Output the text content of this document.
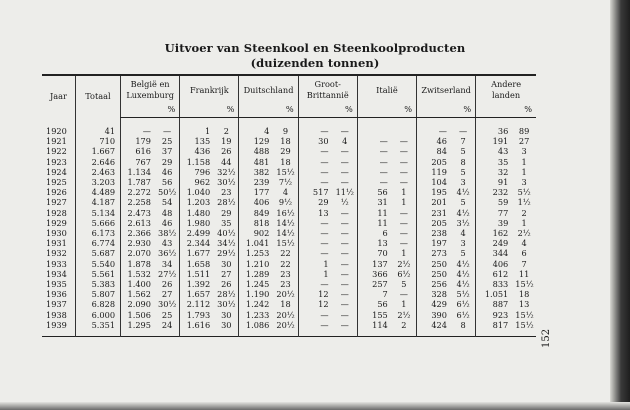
Uitvoer van Steenkool en Steenkoolproducten
(duizenden tonnen)
Jaar	Totaal	België en Luxemburg		Frankrijk		Duitschland		Groot-Brittannië		Italië		Zwitserland		Andere landen	
			%		%		%		%		%		%		%
1920	41	—	—	1	2	4	9	—	—			—	—	36	89
1921	710	179	25	135	19	129	18	30	4	—	—	46	7	191	27
1922	1.667	616	37	436	26	488	29	—	—	—	—	84	5	43	3
1923	2.646	767	29	1.158	44	481	18	—	—	—	—	205	8	35	1
1924	2.463	1.134	46	796	32½	382	15½	—	—	—	—	119	5	32	1
1925	3.203	1.787	56	962	30½	239	7½	—	—	—	—	104	3	91	3
1926	4.489	2.272	50½	1.040	23	177	4	517	11½	56	1	195	4½	232	5½
1927	4.187	2.258	54	1.203	28½	406	9½	29	½	31	1	201	5	59	1½
1928	5.134	2.473	48	1.480	29	849	16½	13	—	11	—	231	4½	77	2
1929	5.666	2.613	46	1.980	35	818	14½	—	—	11	—	205	3½	39	1
1930	6.173	2.366	38½	2.499	40½	902	14½	—	—	6	—	238	4	162	2½
1931	6.774	2.930	43	2.344	34½	1.041	15½	—	—	13	—	197	3	249	4
1932	5.687	2.070	36½	1.677	29½	1.253	22	—	—	70	1	273	5	344	6
1933	5.540	1.878	34	1.658	30	1.210	22	1	—	137	2½	250	4½	406	7
1934	5.561	1.532	27½	1.511	27	1.289	23	1	—	366	6½	250	4½	612	11
1935	5.383	1.400	26	1.392	26	1.245	23	—	—	257	5	256	4½	833	15½
1936	5.807	1.562	27	1.657	28½	1.190	20½	12	—	7	—	328	5½	1.051	18
1937	6.828	2.090	30½	2.112	30½	1.242	18	12	—	56	1	429	6½	887	13
1938	6.000	1.506	25	1.793	30	1.233	20½	—	—	155	2½	390	6½	923	15½
1939	5.351	1.295	24	1.616	30	1.086	20½	—	—	114	2	424	8	817	15½
152
